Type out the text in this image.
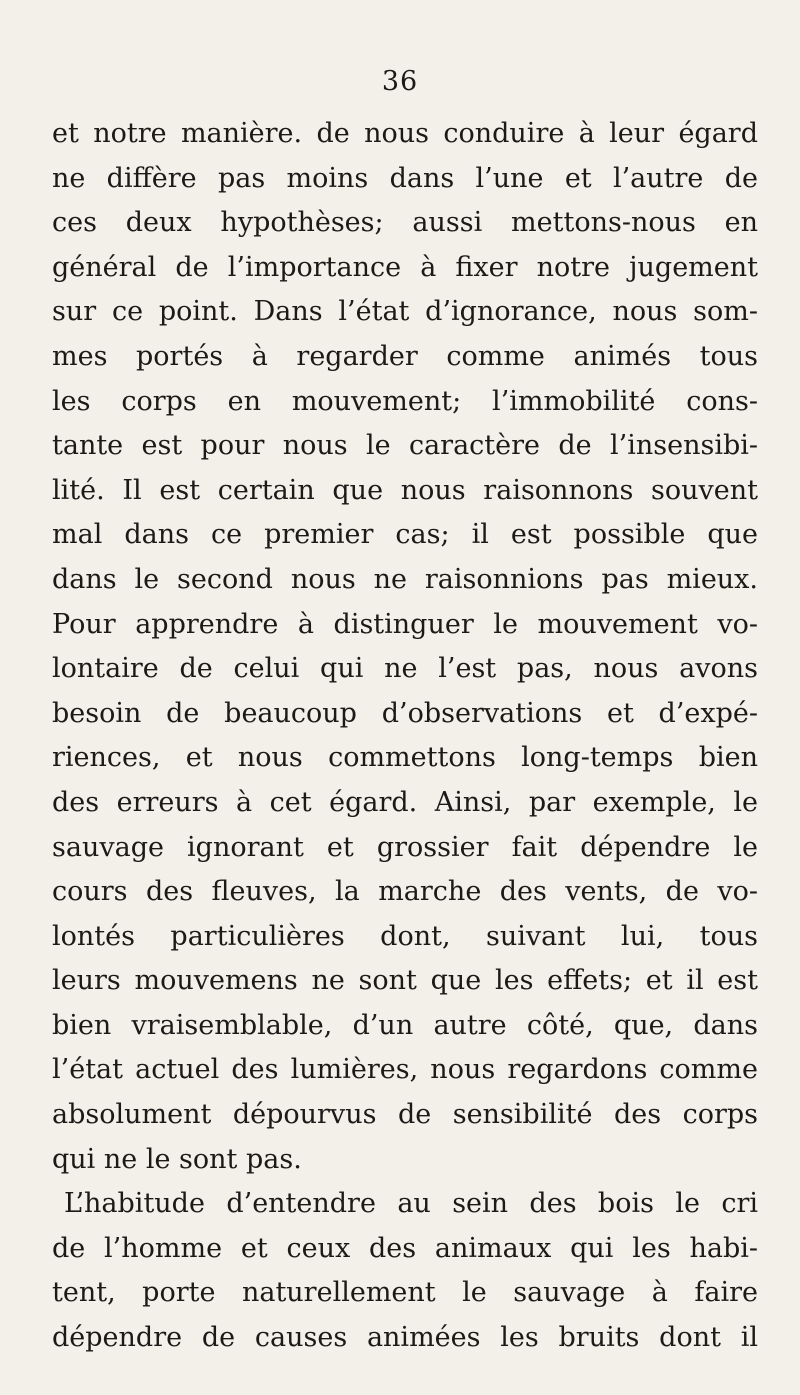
36
et notre manière. de nous conduire à leur égard
ne diffère pas moins dans l’une et l’autre de
ces deux hypothèses; aussi mettons-nous en
général de l’importance à fixer notre jugement
sur ce point. Dans l’état d’ignorance, nous som-
mes portés à regarder comme animés tous
les corps en mouvement; l’immobilité cons-
tante est pour nous le caractère de l’insensibi-
lité. Il est certain que nous raisonnons souvent
mal dans ce premier cas; il est possible que
dans le second nous ne raisonnions pas mieux.
Pour apprendre à distinguer le mouvement vo-
lontaire de celui qui ne l’est pas, nous avons
besoin de beaucoup d’observations et d’expé-
riences, et nous commettons long-temps bien
des erreurs à cet égard. Ainsi, par exemple, le
sauvage ignorant et grossier fait dépendre le
cours des fleuves, la marche des vents, de vo-
lontés particulières dont, suivant lui, tous
leurs mouvemens ne sont que les effets; et il est
bien vraisemblable, d’un autre côté, que, dans
l’état actuel des lumières, nous regardons comme
absolument dépourvus de sensibilité des corps
qui ne le sont pas.
L’habitude d’entendre au sein des bois le cri
de l’homme et ceux des animaux qui les habi-
tent, porte naturellement le sauvage à faire
dépendre de causes animées les bruits dont il
